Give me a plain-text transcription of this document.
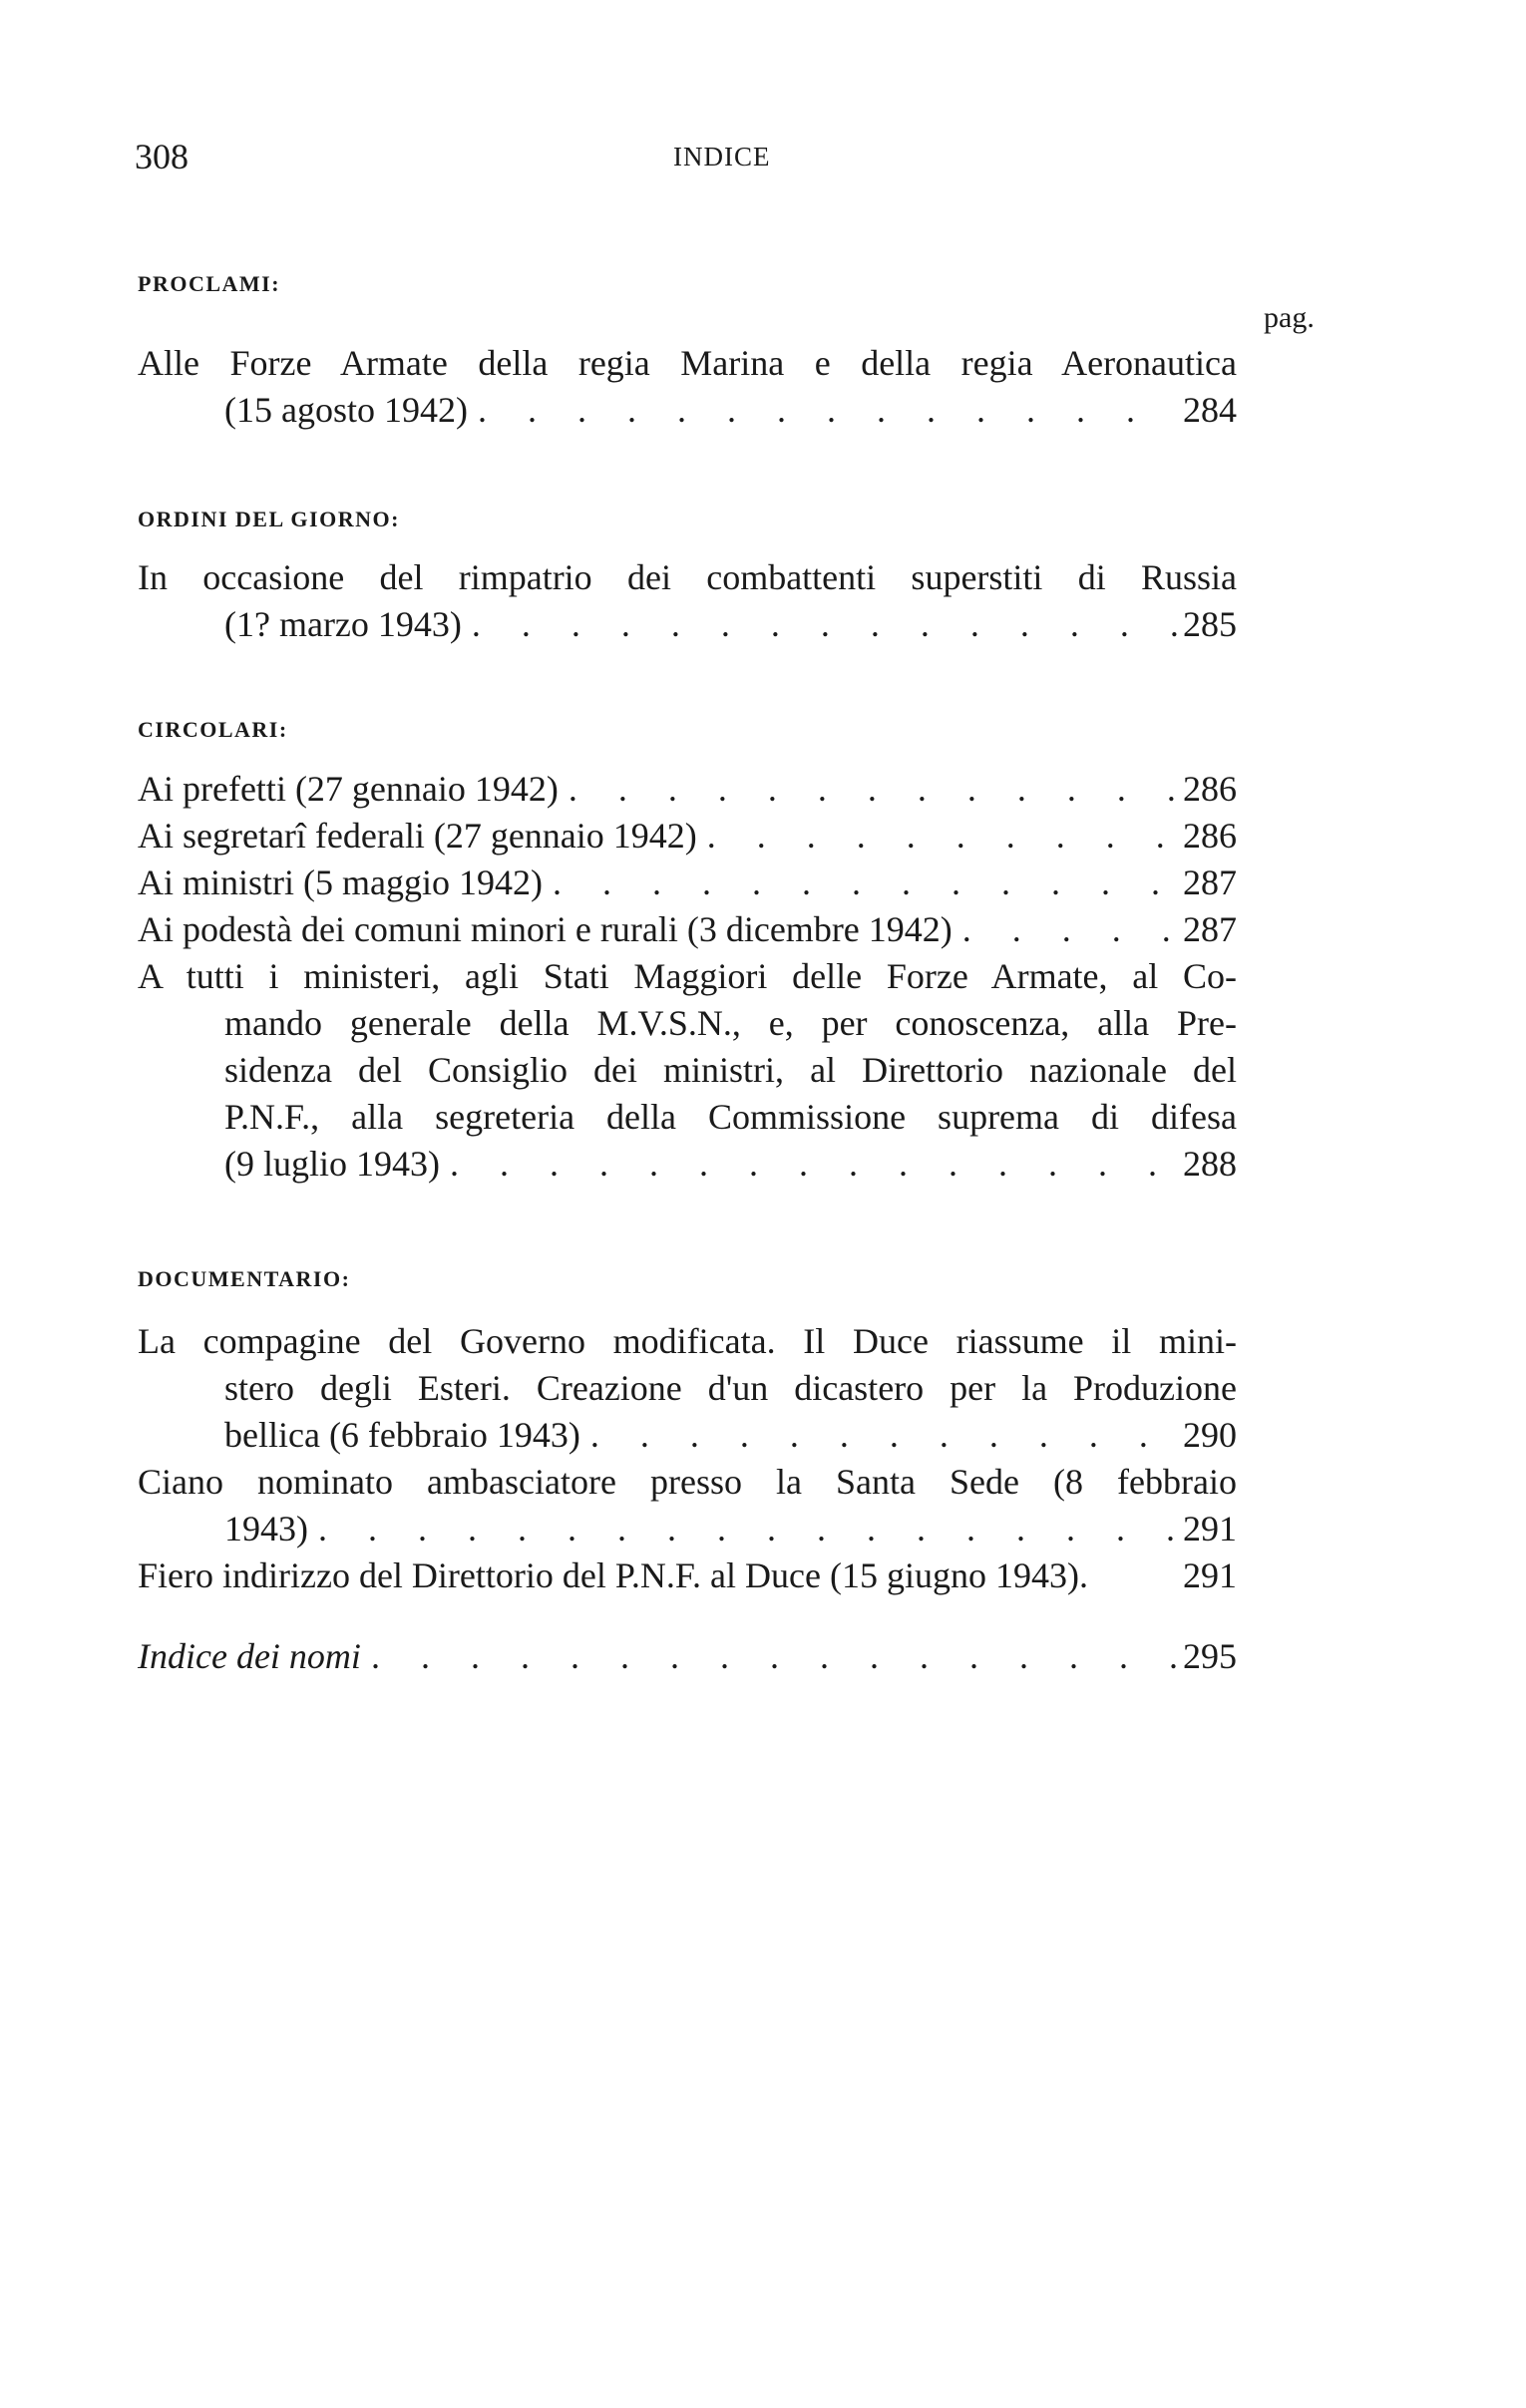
308	INDICE
PROCLAMI:
pag.
Alle Forze Armate della regia Marina e della regia Aeronautica
(15 agosto 1942) . . .	284
ORDINI DEL GIORNO:
In occasione del rimpatrio dei combattenti superstiti di Russia
(1? marzo 1943) . . .	285
CIRCOLARI:
Ai prefetti (27 gennaio 1942) . . .	286
Ai segretarî federali (27 gennaio 1942) . . .	286
Ai ministri (5 maggio 1942) . . .	287
Ai podestà dei comuni minori e rurali (3 dicembre 1942) . . .	287
A tutti i ministeri, agli Stati Maggiori delle Forze Armate, al Co-
mando generale della M.V.S.N., e, per conoscenza, alla Pre-
sidenza del Consiglio dei ministri, al Direttorio nazionale del
P.N.F., alla segreteria della Commissione suprema di difesa
(9 luglio 1943) . . .	288
DOCUMENTARIO:
La compagine del Governo modificata. Il Duce riassume il mini-
stero degli Esteri. Creazione d'un dicastero per la Produzione
bellica (6 febbraio 1943) . . .	290
Ciano nominato ambasciatore presso la Santa Sede (8 febbraio
1943) . . .	291
Fiero indirizzo del Direttorio del P.N.F. al Duce (15 giugno 1943).	291
Indice dei nomi . . .	295
